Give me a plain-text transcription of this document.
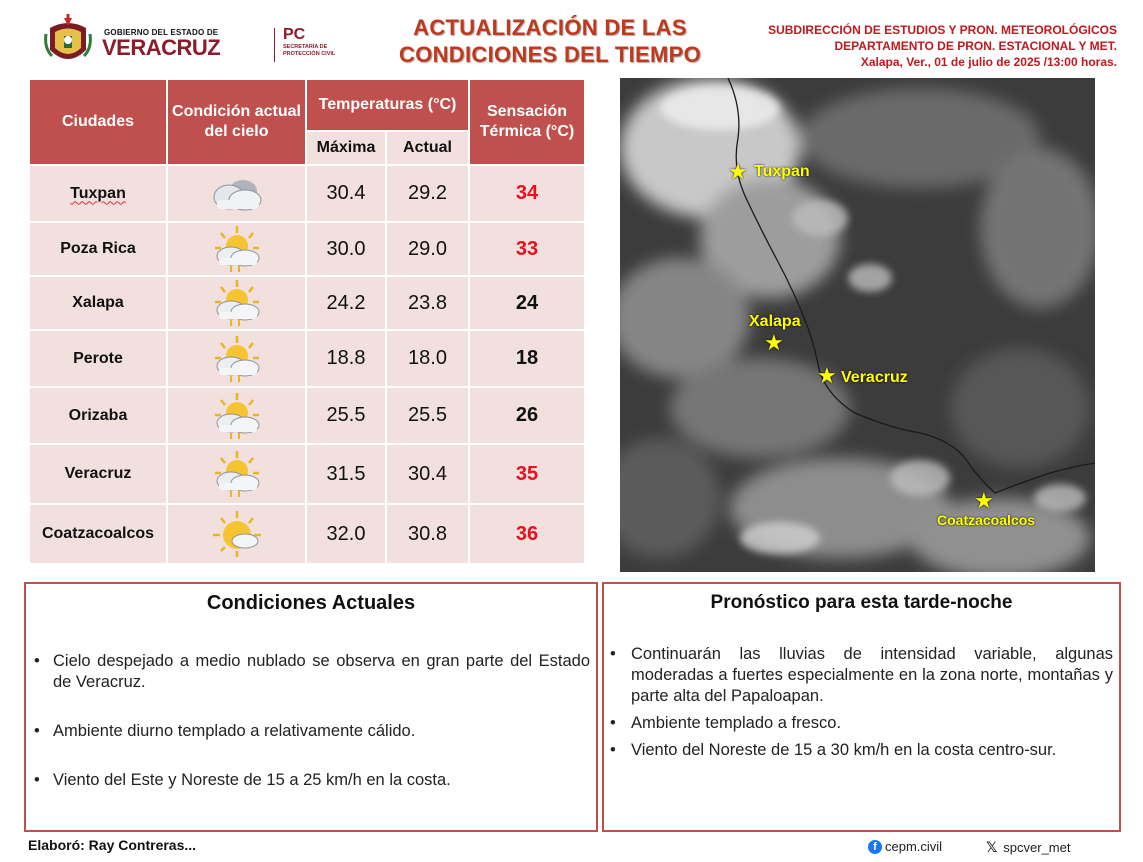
GOBIERNO DEL ESTADO DE
VERACRUZ
PC
SECRETARÍA DE PROTECCIÓN CIVIL
ACTUALIZACIÓN DE LAS
CONDICIONES DEL TIEMPO
SUBDIRECCIÓN DE ESTUDIOS Y PRON. METEOROLÓGICOS
DEPARTAMENTO DE PRON. ESTACIONAL Y MET.
Xalapa, Ver., 01 de julio de 2025 /13:00 horas.
Ciudades	Condición actual del cielo	Temperaturas (°C)		Sensación Térmica (°C)
		Máxima	Actual	
Tuxpan		30.4	29.2	34
Poza Rica		30.0	29.0	33
Xalapa		24.2	23.8	24
Perote		18.8	18.0	18
Orizaba		25.5	25.5	26
Veracruz		31.5	30.4	35
Coatzacoalcos		32.0	30.8	36
★ Tuxpan
Xalapa
★
★ Veracruz
★
Coatzacoalcos
Condiciones Actuales
• Cielo despejado a medio nublado se observa en gran parte del Estado de Veracruz.
• Ambiente diurno templado a relativamente cálido.
• Viento del Este y Noreste de 15 a 25 km/h en la costa.
Pronóstico para esta tarde-noche
• Continuarán las lluvias de intensidad variable, algunas moderadas a fuertes especialmente en la zona norte, montañas y parte alta del Papaloapan.
• Ambiente templado a fresco.
• Viento del Noreste de 15 a 30 km/h en la costa centro-sur.
Elaboró: Ray Contreras...	f cepm.civil	𝕏 spcver_met
